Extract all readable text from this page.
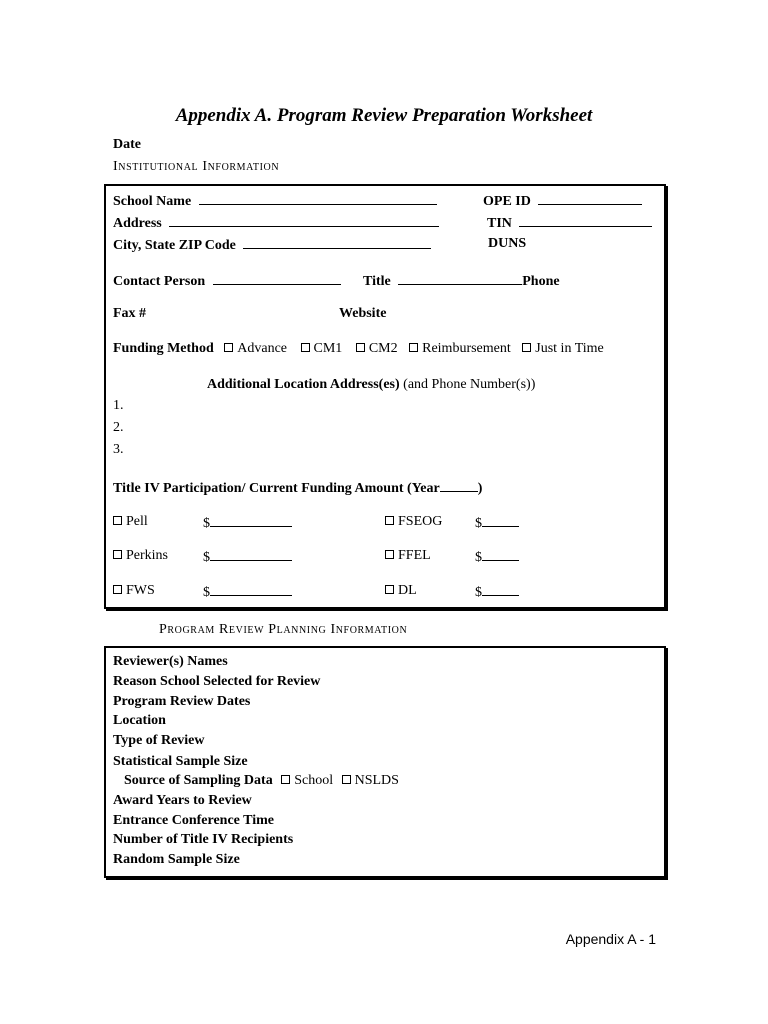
Appendix A. Program Review Preparation Worksheet
Date
Institutional Information
School Name	OPE ID
Address	TIN
City, State ZIP Code	DUNS
Contact Person	Title	Phone
Fax #	Website
Funding Method Advance CM1 CM2 Reimbursement Just in Time
Additional Location Address(es) (and Phone Number(s))
1.
2.
3.
Title IV Participation/ Current Funding Amount (Year	)
Pell	$	FSEOG $
Perkins	$	FFEL	$
FWS	$	DL	$
Program Review Planning Information
Reviewer(s) Names
Reason School Selected for Review
Program Review Dates
Location
Type of Review
Statistical Sample Size
Source of Sampling Data School NSLDS
Award Years to Review
Entrance Conference Time
Number of Title IV Recipients
Random Sample Size
Appendix A - 1
